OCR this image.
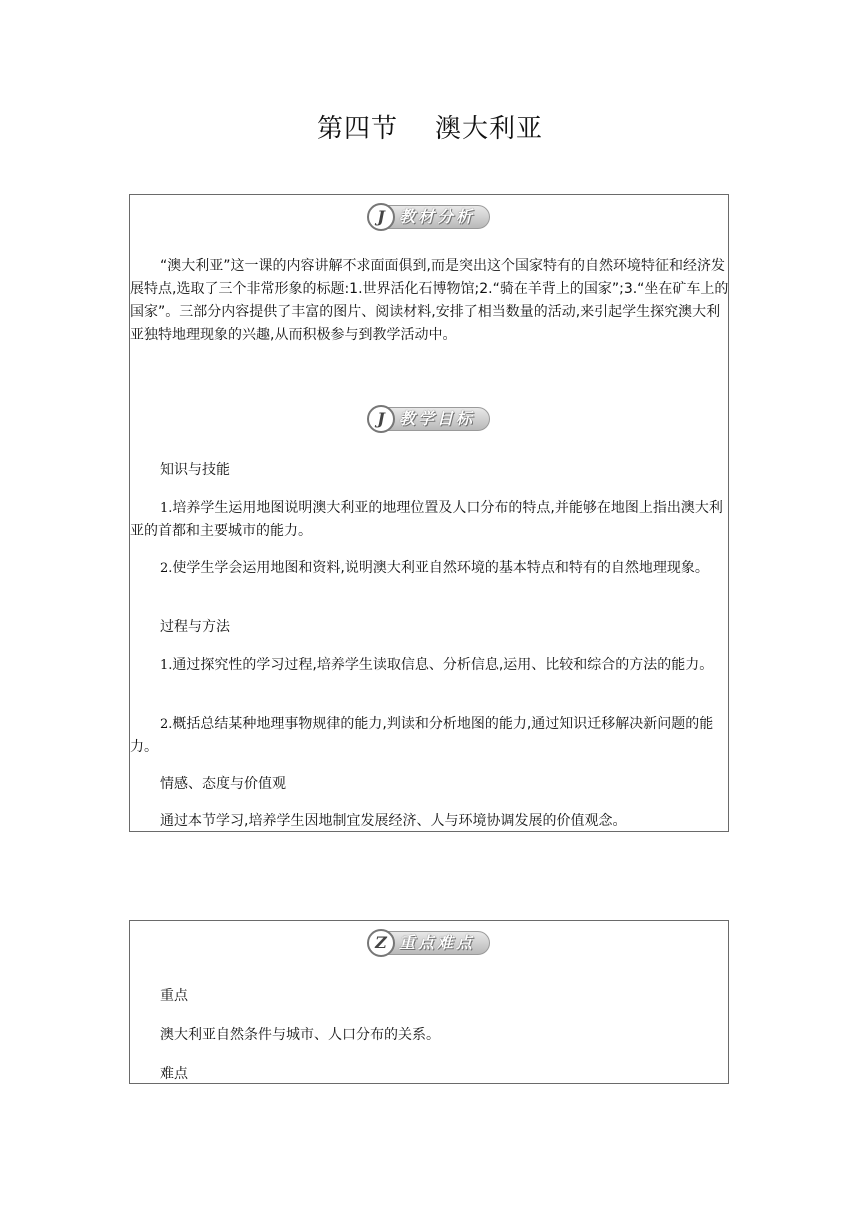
第四节    澳大利亚
J 教材分析

“澳大利亚”这一课的内容讲解不求面面俱到,而是突出这个国家特有的自然环境特征和经济发展特点,选取了三个非常形象的标题:1.世界活化石博物馆;2.“骑在羊背上的国家”;3.“坐在矿车上的国家”。三部分内容提供了丰富的图片、阅读材料,安排了相当数量的活动,来引起学生探究澳大利亚独特地理现象的兴趣,从而积极参与到教学活动中。

J 教学目标

知识与技能

1.培养学生运用地图说明澳大利亚的地理位置及人口分布的特点,并能够在地图上指出澳大利亚的首都和主要城市的能力。

2.使学生学会运用地图和资料,说明澳大利亚自然环境的基本特点和特有的自然地理现象。

过程与方法

1.通过探究性的学习过程,培养学生读取信息、分析信息,运用、比较和综合的方法的能力。

2.概括总结某种地理事物规律的能力,判读和分析地图的能力,通过知识迁移解决新问题的能力。

情感、态度与价值观

通过本节学习,培养学生因地制宜发展经济、人与环境协调发展的价值观念。

Z 重点难点

重点

澳大利亚自然条件与城市、人口分布的关系。

难点
